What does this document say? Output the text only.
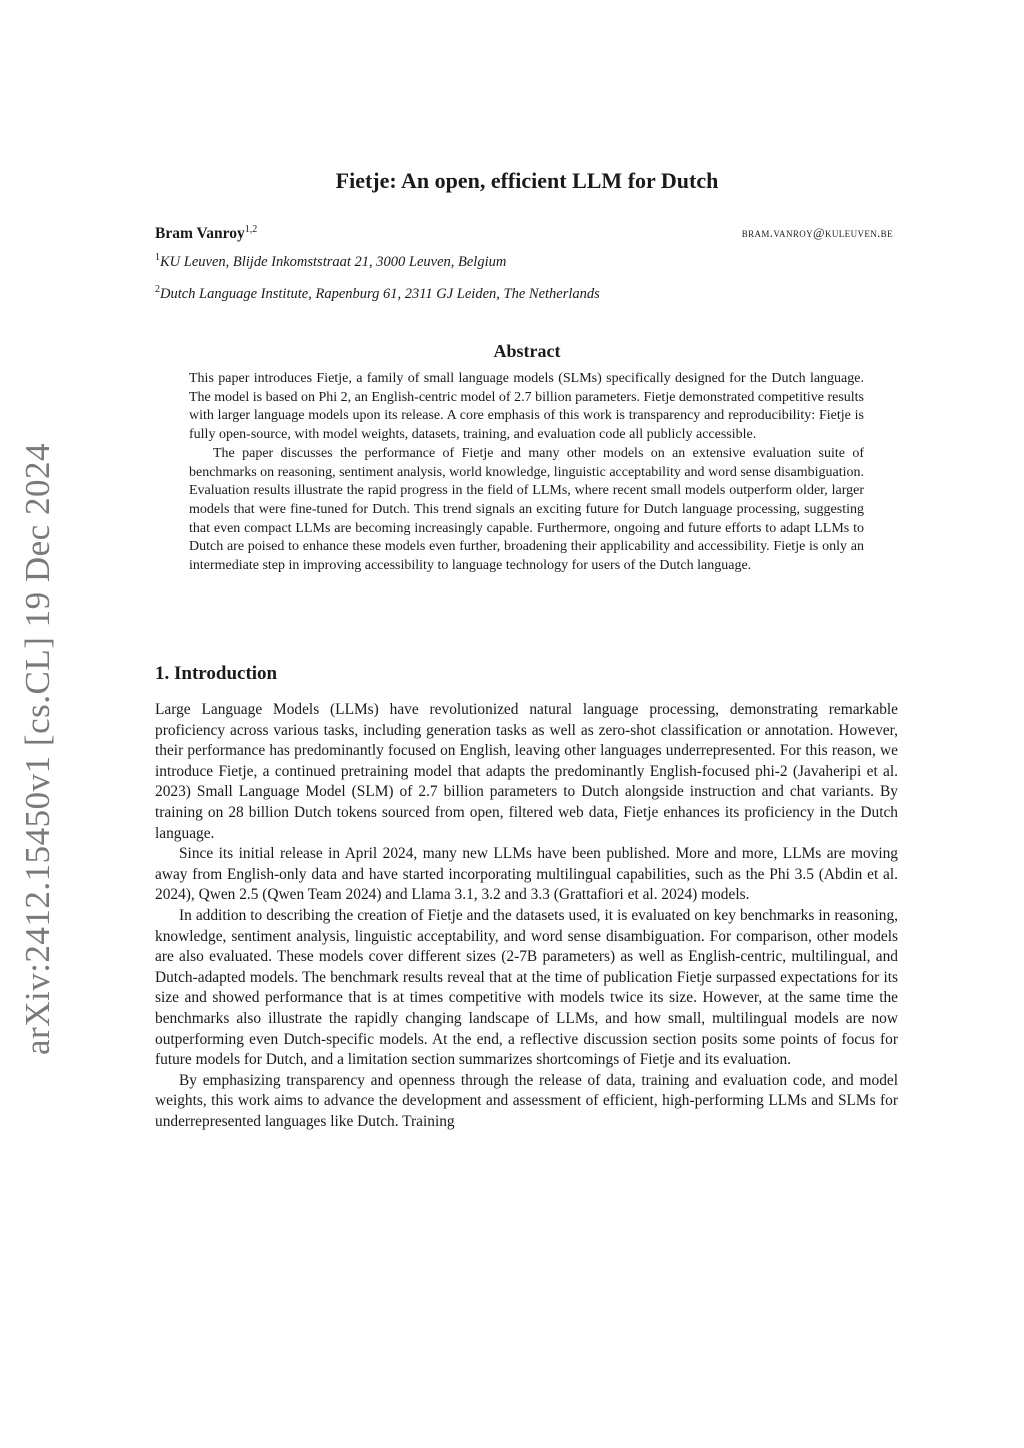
arXiv:2412.15450v1 [cs.CL] 19 Dec 2024
Fietje: An open, efficient LLM for Dutch
Bram Vanroy$^{1,2}$	bram.vanroy@kuleuven.be
$^1$KU Leuven, Blijde Inkomststraat 21, 3000 Leuven, Belgium
$^2$Dutch Language Institute, Rapenburg 61, 2311 GJ Leiden, The Netherlands
Abstract

This paper introduces Fietje, a family of small language models (SLMs) specifically designed for the Dutch language. The model is based on Phi 2, an English-centric model of 2.7 billion parameters. Fietje demonstrated competitive results with larger language models upon its release. A core emphasis of this work is transparency and reproducibility: Fietje is fully open-source, with model weights, datasets, training, and evaluation code all publicly accessible.

The paper discusses the performance of Fietje and many other models on an extensive evaluation suite of benchmarks on reasoning, sentiment analysis, world knowledge, linguistic acceptability and word sense disambiguation. Evaluation results illustrate the rapid progress in the field of LLMs, where recent small models outperform older, larger models that were fine-tuned for Dutch. This trend signals an exciting future for Dutch language processing, suggesting that even compact LLMs are becoming increasingly capable. Furthermore, ongoing and future efforts to adapt LLMs to Dutch are poised to enhance these models even further, broadening their applicability and accessibility. Fietje is only an intermediate step in improving accessibility to language technology for users of the Dutch language.

1. Introduction

Large Language Models (LLMs) have revolutionized natural language processing, demonstrating remarkable proficiency across various tasks, including generation tasks as well as zero-shot classification or annotation. However, their performance has predominantly focused on English, leaving other languages underrepresented. For this reason, we introduce Fietje, a continued pretraining model that adapts the predominantly English-focused phi-2 (Javaheripi et al. 2023) Small Language Model (SLM) of 2.7 billion parameters to Dutch alongside instruction and chat variants. By training on 28 billion Dutch tokens sourced from open, filtered web data, Fietje enhances its proficiency in the Dutch language.

Since its initial release in April 2024, many new LLMs have been published. More and more, LLMs are moving away from English-only data and have started incorporating multilingual capabilities, such as the Phi 3.5 (Abdin et al. 2024), Qwen 2.5 (Qwen Team 2024) and Llama 3.1, 3.2 and 3.3 (Grattafiori et al. 2024) models.

In addition to describing the creation of Fietje and the datasets used, it is evaluated on key benchmarks in reasoning, knowledge, sentiment analysis, linguistic acceptability, and word sense disambiguation. For comparison, other models are also evaluated. These models cover different sizes (2-7B parameters) as well as English-centric, multilingual, and Dutch-adapted models. The benchmark results reveal that at the time of publication Fietje surpassed expectations for its size and showed performance that is at times competitive with models twice its size. However, at the same time the benchmarks also illustrate the rapidly changing landscape of LLMs, and how small, multilingual models are now outperforming even Dutch-specific models. At the end, a reflective discussion section posits some points of focus for future models for Dutch, and a limitation section summarizes shortcomings of Fietje and its evaluation.

By emphasizing transparency and openness through the release of data, training and evaluation code, and model weights, this work aims to advance the development and assessment of efficient, high-performing LLMs and SLMs for underrepresented languages like Dutch. Training
